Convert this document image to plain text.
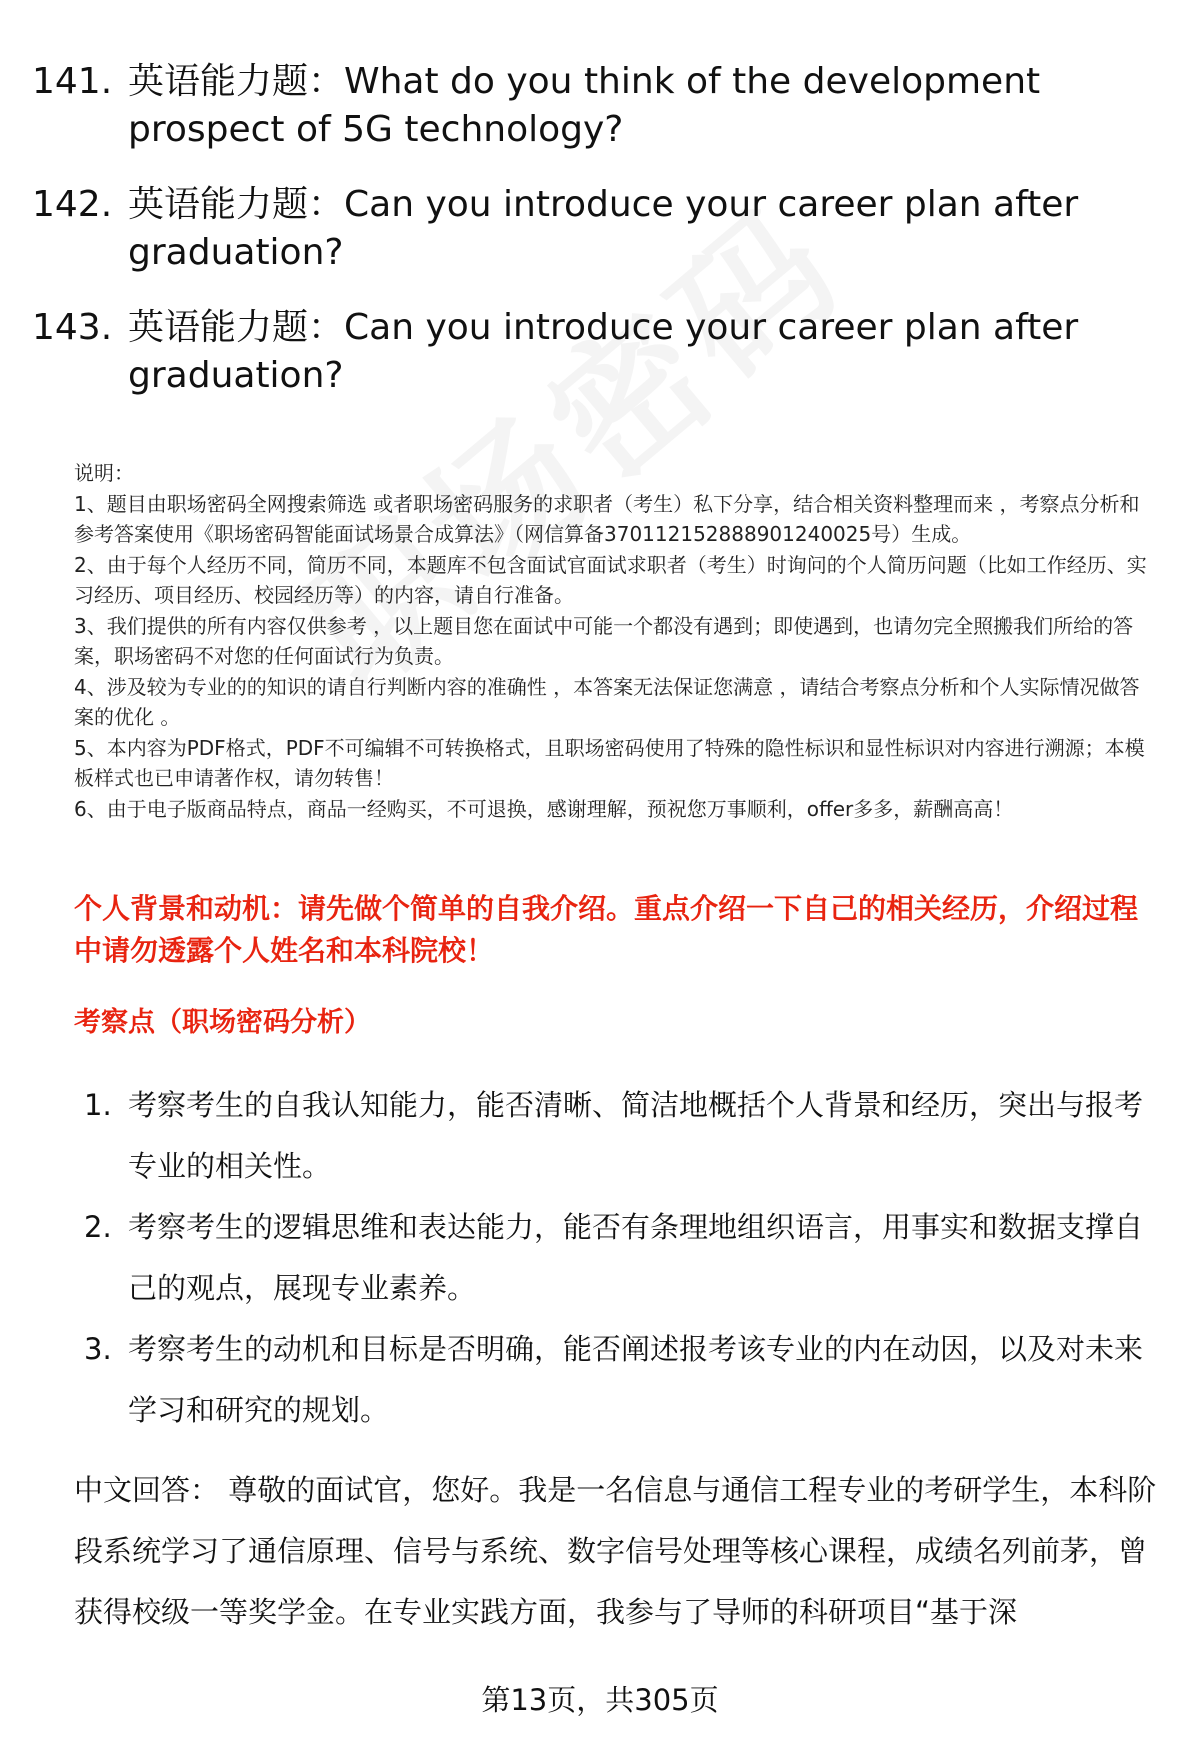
141. 英语能力题：What do you think of the development prospect of 5G technology?
142. 英语能力题：Can you introduce your career plan after graduation?
143. 英语能力题：Can you introduce your career plan after graduation?

说明：

1、题目由职场密码全网搜索筛选 或者职场密码服务的求职者（考生）私下分享，结合相关资料整理而来 ，考察点分析和参考答案使用《职场密码智能面试场景合成算法》（网信算备370112152888901240025号）生成。

2、由于每个人经历不同，简历不同，本题库不包含面试官面试求职者（考生）时询问的个人简历问题（比如工作经历、实习经历、项目经历、校园经历等）的内容，请自行准备。

3、我们提供的所有内容仅供参考 ，以上题目您在面试中可能一个都没有遇到；即使遇到，也请勿完全照搬我们所给的答案，职场密码不对您的任何面试行为负责。

4、涉及较为专业的的知识的请自行判断内容的准确性 ，本答案无法保证您满意 ，请结合考察点分析和个人实际情况做答案的优化 。

5、本内容为PDF格式，PDF不可编辑不可转换格式，且职场密码使用了特殊的隐性标识和显性标识对内容进行溯源；本模板样式也已申请著作权，请勿转售！

6、由于电子版商品特点，商品一经购买，不可退换，感谢理解，预祝您万事顺利，offer多多，薪酬高高！

个人背景和动机：请先做个简单的自我介绍。重点介绍一下自己的相关经历，介绍过程中请勿透露个人姓名和本科院校！
考察点（职场密码分析）
1. 考察考生的自我认知能力，能否清晰、简洁地概括个人背景和经历，突出与报考专业的相关性。
2. 考察考生的逻辑思维和表达能力，能否有条理地组织语言，用事实和数据支撑自己的观点，展现专业素养。
3. 考察考生的动机和目标是否明确，能否阐述报考该专业的内在动因，以及对未来学习和研究的规划。
中文回答： 尊敬的面试官，您好。我是一名信息与通信工程专业的考研学生，本科阶段系统学习了通信原理、信号与系统、数字信号处理等核心课程，成绩名列前茅，曾获得校级一等奖学金。在专业实践方面，我参与了导师的科研项目“基于深
第13页，共305页
